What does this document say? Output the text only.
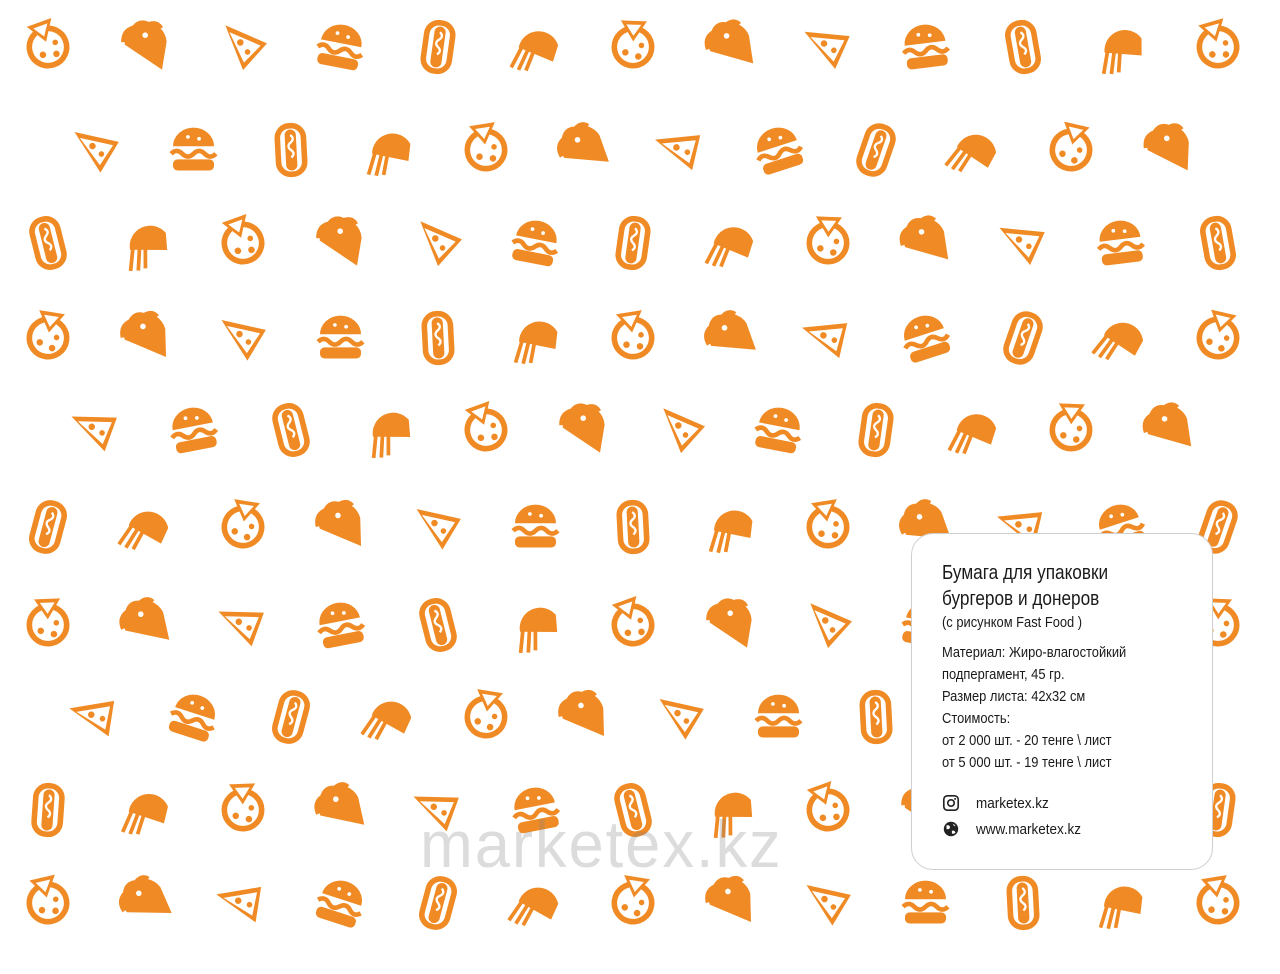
marketex.kz
Бумага для упаковки
бургеров и донеров
(с рисунком Fast Food )
Материал: Жиро-влагостойкий
подпергамент, 45 гр.
Размер листа: 42х32 см
Стоимость:
от 2 000 шт. - 20 тенге \ лист
от 5 000 шт. - 19 тенге \ лист
marketex.kz
www.marketex.kz
